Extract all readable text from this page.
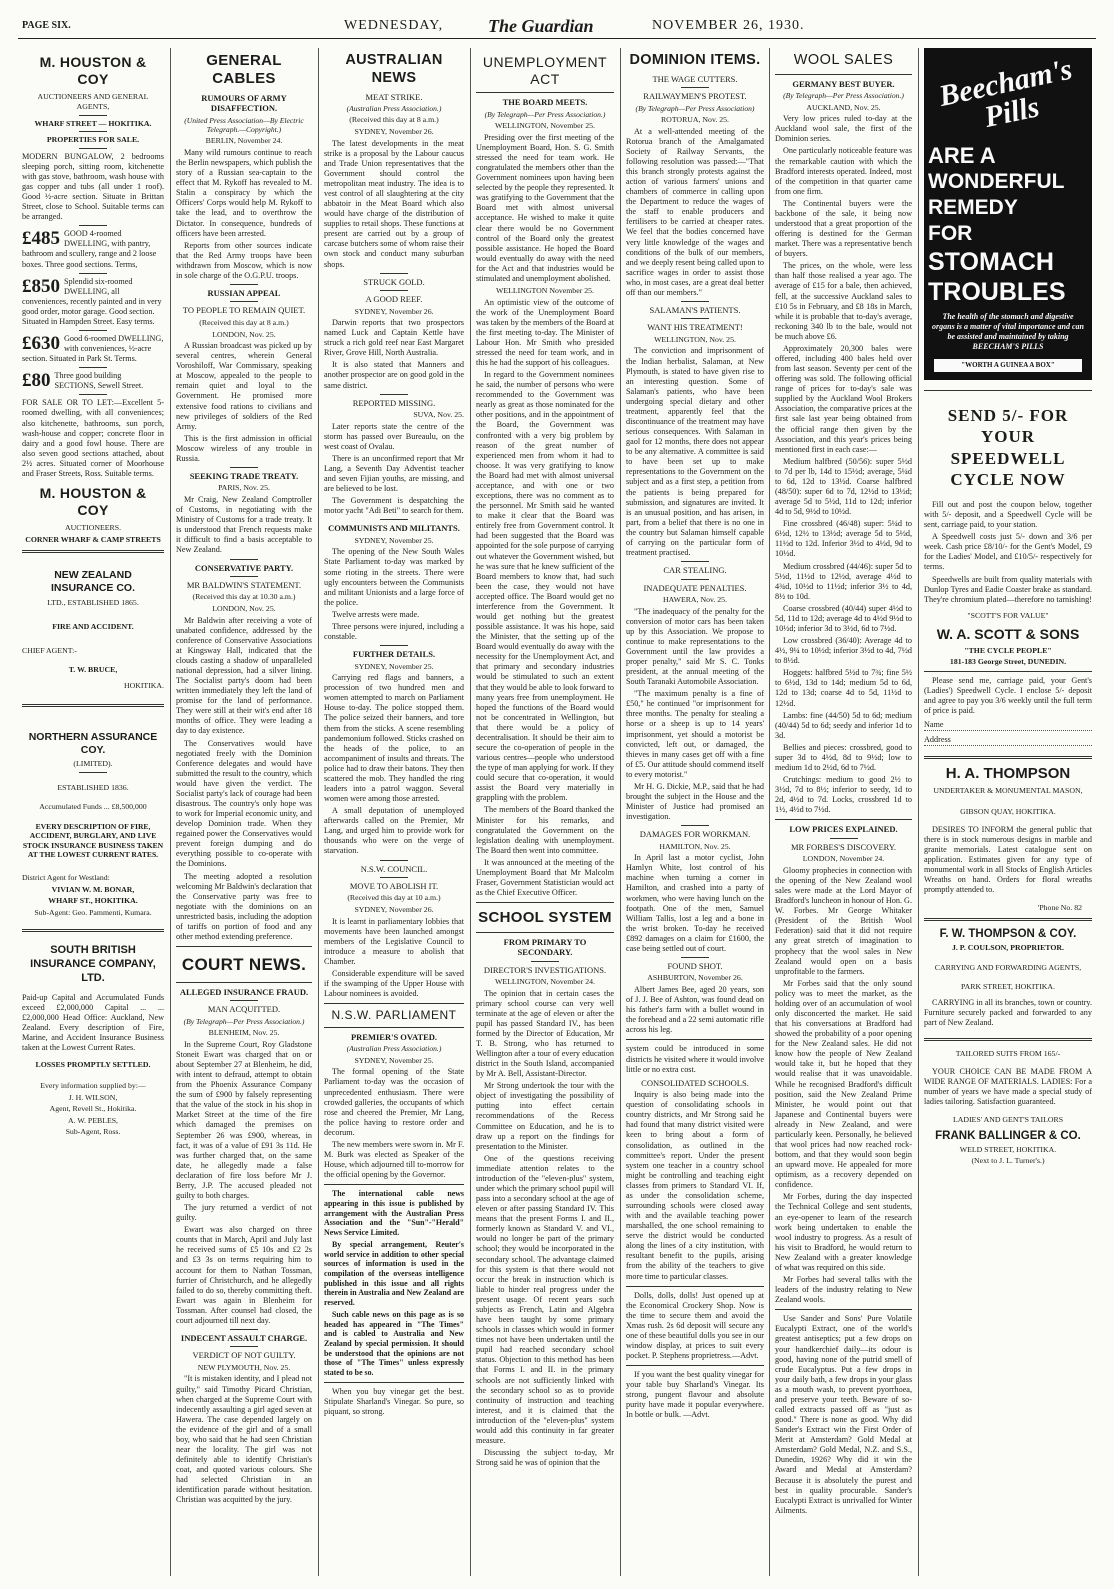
PAGE SIX.	WEDNESDAY, The Guardian	NOVEMBER 26, 1930.
M. HOUSTON & COY
AUCTIONEERS AND GENERAL AGENTS,
WHARF STREET — HOKITIKA.
PROPERTIES FOR SALE.

MODERN BUNGALOW, 2 bedrooms sleeping porch, sitting room, kitchenette with gas stove, bathroom, wash house with gas copper and tubs (all under 1 roof). Good ½-acre section. Situate in Brittan Street, close to School. Suitable terms can be arranged.

£485 GOOD 4-roomed DWELLING, with pantry, bathroom and scullery, range and 2 loose boxes. Three good sections. Terms,
£850 Splendid six-roomed DWELLING, all conveniences, recently painted and in very good order, motor garage. Good section. Situated in Hampden Street. Easy terms.
£630 Good 6-roomed DWELLING, with conveniences, ½-acre section. Situated in Park St. Terms.
£80 Three good building SECTIONS, Sewell Street.

FOR SALE OR TO LET:—Excellent 5-roomed dwelling, with all conveniences; also kitchenette, bathrooms, sun porch, wash-house and copper; concrete floor in dairy and a good fowl house. There are also seven good sections attached, about 2½ acres. Situated corner of Moorhouse and Fraser Streets, Ross. Suitable terms.

M. HOUSTON & COY
AUCTIONEERS.
CORNER WHARF & CAMP STREETS
NEW ZEALAND INSURANCE CO.
LTD., ESTABLISHED 1865.
FIRE AND ACCIDENT.
CHIEF AGENT:-
T. W. BRUCE,
HOKITIKA.
NORTHERN ASSURANCE COY.
(LIMITED).
ESTABLISHED 1836.
Accumulated Funds ... £8,500,000
EVERY DESCRIPTION OF FIRE, ACCIDENT, BURGLARY, AND LIVE STOCK INSURANCE BUSINESS TAKEN AT THE LOWEST CURRENT RATES.
District Agent for Westland:
VIVIAN W. M. BONAR,
WHARF ST., HOKITIKA.
Sub-Agent: Geo. Pammenti, Kumara.
SOUTH BRITISH INSURANCE COMPANY, LTD.

Paid-up Capital and Accumulated Funds exceed £2,000,000 Capital ... ... £2,000,000 Head Office: Auckland, New Zealand. Every description of Fire, Marine, and Accident Insurance Business taken at the Lowest Current Rates.

LOSSES PROMPTLY SETTLED.
Every information supplied by:—
J. H. WILSON,
Agent, Revell St., Hokitika.
A. W. PEBLES,
Sub-Agent, Ross.
GENERAL CABLES
RUMOURS OF ARMY DISAFFECTION.
(United Press Association—By Electric Telegraph.—Copyright.)
BERLIN, November 24.

Many wild rumours continue to reach the Berlin newspapers, which publish the story of a Russian sea-captain to the effect that M. Rykoff has revealed to M. Stalin a conspiracy by which the Officers' Corps would help M. Rykoff to take the lead, and to overthrow the Dictator. In consequence, hundreds of officers have been arrested.

Reports from other sources indicate that the Red Army troops have been withdrawn from Moscow, which is now in sole charge of the O.G.P.U. troops.

RUSSIAN APPEAL
TO PEOPLE TO REMAIN QUIET.
(Received this day at 8 a.m.)
LONDON, Nov. 25.

A Russian broadcast was picked up by several centres, wherein General Voroshiloff, War Commissary, speaking at Moscow, appealed to the people to remain quiet and loyal to the Government. He promised more extensive food rations to civilians and new privileges of soldiers of the Red Army.

This is the first admission in official Moscow wireless of any trouble in Russia.

SEEKING TRADE TREATY.
PARIS, Nov. 25.

Mr Craig, New Zealand Comptroller of Customs, in negotiating with the Ministry of Customs for a trade treaty. It is understood that French requests make it difficult to find a basis acceptable to New Zealand.

CONSERVATIVE PARTY.
MR BALDWIN'S STATEMENT.
(Received this day at 10.30 a.m.)
LONDON, Nov. 25.

Mr Baldwin after receiving a vote of unabated confidence, addressed by the conference of Conservative Associations at Kingsway Hall, indicated that the clouds casting a shadow of unparalleled national depression, had a silver lining. The Socialist party's doom had been written immediately they left the land of promise for the land of performance. They were still at their wit's end after 18 months of office. They were leading a day to day existence.

The Conservatives would have negotiated freely with the Dominion Conference delegates and would have submitted the result to the country, which would have given the verdict. The Socialist party's lack of courage had been disastrous. The country's only hope was to work for Imperial economic unity, and develop Dominion trade. When they regained power the Conservatives would prevent foreign dumping and do everything possible to co-operate with the Dominions.

The meeting adopted a resolution welcoming Mr Baldwin's declaration that the Conservative party was free to negotiate with the dominions on an unrestricted basis, including the adoption of tariffs on portion of food and any other method extending preference.

COURT NEWS.
ALLEGED INSURANCE FRAUD.
MAN ACQUITTED.
(By Telegraph—Per Press Association.)
BLENHEIM, Nov. 25.

In the Supreme Court, Roy Gladstone Stoneit Ewart was charged that on or about September 27 at Blenheim, he did, with intent to defraud, attempt to obtain from the Phoenix Assurance Company the sum of £900 by falsely representing that the value of the stock in his shop in Market Street at the time of the fire which damaged the premises on September 26 was £900, whereas, in fact, it was of a value of £91 3s 11d. He was further charged that, on the same date, he allegedly made a false declaration of fire loss before Mr J. Berry, J.P. The accused pleaded not guilty to both charges.

The jury returned a verdict of not guilty.

Ewart was also charged on three counts that in March, April and July last he received sums of £5 10s and £2 2s and £3 3s on terms requiring him to account for them to Nathan Tossman, furrier of Christchurch, and he allegedly failed to do so, thereby committing theft. Ewart was again in Blenheim for Tossman. After counsel had closed, the court adjourned till next day.

INDECENT ASSAULT CHARGE.
VERDICT OF NOT GUILTY.
NEW PLYMOUTH, Nov. 25.

"It is mistaken identity, and I plead not guilty," said Timothy Picard Christian, when charged at the Supreme Court with indecently assaulting a girl aged seven at Hawera. The case depended largely on the evidence of the girl and of a small boy, who said that he had seen Christian near the locality. The girl was not definitely able to identify Christian's coat, and quoted various colours. She had selected Christian in an identification parade without hesitation. Christian was acquitted by the jury.

AUSTRALIAN NEWS
MEAT STRIKE.
(Australian Press Association.)
(Received this day at 8 a.m.)
SYDNEY, November 26.

The latest developments in the meat strike is a proposal by the Labour caucus and Trade Union representatives that the Government should control the metropolitan meat industry. The idea is to vest control of all slaughtering at the city abbatoir in the Meat Board which also would have charge of the distribution of supplies to retail shops. These functions at present are carried out by a group of carcase butchers some of whom raise their own stock and conduct many suburban shops.

STRUCK GOLD.
A GOOD REEF.
SYDNEY, November 26.

Darwin reports that two prospectors named Luck and Captain Kettle have struck a rich gold reef near East Margaret River, Grove Hill, North Australia.

It is also stated that Manners and another prospector are on good gold in the same district.

REPORTED MISSING.
SUVA, Nov. 25.

Later reports state the centre of the storm has passed over Bureaulu, on the west coast of Ovalau.

There is an unconfirmed report that Mr Lang, a Seventh Day Adventist teacher and seven Fijian youths, are missing, and are believed to be lost.

The Government is despatching the motor yacht "Adi Beti" to search for them.

COMMUNISTS AND MILITANTS.
SYDNEY, November 25.

The opening of the New South Wales State Parliament to-day was marked by some rioting in the streets. There were ugly encounters between the Communists and militant Unionists and a large force of the police.

Twelve arrests were made.

Three persons were injured, including a constable.

FURTHER DETAILS.
SYDNEY, November 25.

Carrying red flags and banners, a procession of two hundred men and women attempted to march on Parliament House to-day. The police stopped them. The police seized their banners, and tore them from the sticks. A scene resembling pandemonium followed. Sticks crashed on the heads of the police, to an accompaniment of insults and threats. The police had to draw their batons. They then scattered the mob. They handled the ring leaders into a patrol waggon. Several women were among those arrested.

A small deputation of unemployed afterwards called on the Premier, Mr Lang, and urged him to provide work for thousands who were on the verge of starvation.

N.S.W. COUNCIL.
MOVE TO ABOLISH IT.
(Received this day at 10 a.m.)
SYDNEY, November 26.

It is learnt in parliamentary lobbies that movements have been launched amongst members of the Legislative Council to introduce a measure to abolish that Chamber.

Considerable expenditure will be saved if the swamping of the Upper House with Labour nominees is avoided.

N.S.W. PARLIAMENT
PREMIER'S OVATED.
(Australian Press Association.)
SYDNEY, November 25.

The formal opening of the State Parliament to-day was the occasion of unprecedented enthusiasm. There were crowded galleries, the occupants of which rose and cheered the Premier, Mr Lang, the police having to restore order and decorum.

The new members were sworn in. Mr F. M. Burk was elected as Speaker of the House, which adjourned till to-morrow for the official opening by the Governor.

The international cable news appearing in this issue is published by arrangement with the Australian Press Association and the "Sun"-"Herald" News Service Limited.

By special arrangement, Reuter's world service in addition to other special sources of information is used in the compilation of the overseas intelligence published in this issue and all rights therein in Australia and New Zealand are reserved.

Such cable news on this page as is so headed has appeared in "The Times" and is cabled to Australia and New Zealand by special permission. It should be understood that the opinions are not those of "The Times" unless expressly stated to be so.

When you buy vinegar get the best. Stipulate Sharland's Vinegar. So pure, so piquant, so strong.

UNEMPLOYMENT ACT
THE BOARD MEETS.
(By Telegraph—Per Press Association.)
WELLINGTON, November 25.

Presiding over the first meeting of the Unemployment Board, Hon. S. G. Smith stressed the need for team work. He congratulated the members other than the Government nominees upon having been selected by the people they represented. It was gratifying to the Government that the Board met with almost universal acceptance. He wished to make it quite clear there would be no Government control of the Board only the greatest possible assistance. He hoped the Board would eventually do away with the need for the Act and that industries would be stimulated and unemployment abolished.

WELLINGTON November 25.

An optimistic view of the outcome of the work of the Unemployment Board was taken by the members of the Board at the first meeting to-day. The Minister of Labour Hon. Mr Smith who presided stressed the need for team work, and in this he had the support of his colleagues.

In regard to the Government nominees he said, the number of persons who were recommended to the Government was nearly as great as those nominated for the other positions, and in the appointment of the Board, the Government was confronted with a very big problem by reason of the great number of experienced men from whom it had to choose. It was very gratifying to know the Board had met with almost universal acceptance, and with one or two exceptions, there was no comment as to the personnel. Mr Smith said he wanted to make it clear that the Board was entirely free from Government control. It had been suggested that the Board was appointed for the sole purpose of carrying out whatever the Government wished, but he was sure that he knew sufficient of the Board members to know that, had such been the case, they would not have accepted office. The Board would get no interference from the Government. It would get nothing but the greatest possible assistance. It was his hope, said the Minister, that the setting up of the Board would eventually do away with the necessity for the Unemployment Act, and that primary and secondary industries would be stimulated to such an extent that they would be able to look forward to many years free from unemployment. He hoped the functions of the Board would not be concentrated in Wellington, but that there would be a policy of decentralisation. It should be their aim to secure the co-operation of people in the various centres—people who understood the type of man applying for work. If they could secure that co-operation, it would assist the Board very materially in grappling with the problem.

The members of the Board thanked the Minister for his remarks, and congratulated the Government on the legislation dealing with unemployment. The Board then went into committee.

It was announced at the meeting of the Unemployment Board that Mr Malcolm Fraser, Government Statistician would act as the Chief Executive Officer.

SCHOOL SYSTEM
FROM PRIMARY TO SECONDARY.
DIRECTOR'S INVESTIGATIONS.
WELLINGTON, November 24.

The opinion that in certain cases the primary school course can very well terminate at the age of eleven or after the pupil has passed Standard IV., has been formed by the Director of Education, Mr T. B. Strong, who has returned to Wellington after a tour of every education district in the South Island, accompanied by Mr A. Bell, Assistant-Director.

Mr Strong undertook the tour with the object of investigating the possibility of putting into effect certain recommendations of the Recess Committee on Education, and he is to draw up a report on the findings for presentation to the Minister.

One of the questions receiving immediate attention relates to the introduction of the "eleven-plus" system, under which the primary school pupil will pass into a secondary school at the age of eleven or after passing Standard IV. This means that the present Forms I. and II., formerly known as Standard V. and VI., would no longer be part of the primary school; they would be incorporated in the secondary school. The advantage claimed for this system is that there would not occur the break in instruction which is liable to hinder real progress under the present usage. Of recent years such subjects as French, Latin and Algebra have been taught by some primary schools in classes which would in former times not have been undertaken until the pupil had reached secondary school status. Objection to this method has been that Forms I. and II. in the primary schools are not sufficiently linked with the secondary school so as to provide continuity of instruction and teaching interest, and it is claimed that the introduction of the "eleven-plus" system would add this continuity in far greater measure.

Discussing the subject to-day, Mr Strong said he was of opinion that the

DOMINION ITEMS.
THE WAGE CUTTERS.
RAILWAYMEN'S PROTEST.
(By Telegraph—Per Press Association)
ROTORUA, Nov. 25.

At a well-attended meeting of the Rotorua branch of the Amalgamated Society of Railway Servants, the following resolution was passed:—"That this branch strongly protests against the action of various farmers' unions and chambers of commerce in calling upon the Department to reduce the wages of the staff to enable producers and fertilisers to be carried at cheaper rates. We feel that the bodies concerned have very little knowledge of the wages and conditions of the bulk of our members, and we deeply resent being called upon to sacrifice wages in order to assist those who, in most cases, are a great deal better off than our members."

SALAMAN'S PATIENTS.
WANT HIS TREATMENT!
WELLINGTON, Nov. 25.

The conviction and imprisonment of the Indian herbalist, Salaman, at New Plymouth, is stated to have given rise to an interesting question. Some of Salaman's patients, who have been undergoing special dietary and other treatment, apparently feel that the discontinuance of the treatment may have serious consequences. With Salaman in gaol for 12 months, there does not appear to be any alternative. A committee is said to have been set up to make representations to the Government on the subject and as a first step, a petition from the patients is being prepared for submission, and signatures are invited. It is an unusual position, and has arisen, in part, from a belief that there is no one in the country but Salaman himself capable of carrying on the particular form of treatment practised.

CAR STEALING.
INADEQUATE PENALTIES.
HAWERA, Nov. 25.

"The inadequacy of the penalty for the conversion of motor cars has been taken up by this Association. We propose to continue to make representations to the Government until the law provides a proper penalty," said Mr S. C. Tonks president, at the annual meeting of the South Taranaki Automobile Association.

"The maximum penalty is a fine of £50," he continued "or imprisonment for three months. The penalty for stealing a horse or a sheep is up to 14 years' imprisonment, yet should a motorist be convicted, left out, or damaged, the thieves in many cases get off with a fine of £5. Our attitude should commend itself to every motorist."

Mr H. G. Dickie, M.P., said that he had brought the subject in the House and the Minister of Justice had promised an investigation.

DAMAGES FOR WORKMAN.
HAMILTON, Nov. 25.

In April last a motor cyclist, John Hamlyn White, lost control of his machine when turning a corner in Hamilton, and crashed into a party of workmen, who were having lunch on the footpath. One of the men, Samuel William Tallis, lost a leg and a bone in the wrist broken. To-day he received £892 damages on a claim for £1600, the case being settled out of court.

FOUND SHOT.
ASHBURTON, November 26.

Albert James Bee, aged 20 years, son of J. J. Bee of Ashton, was found dead on his father's farm with a bullet wound in the forehead and a 22 semi automatic rifle across his leg.

system could be introduced in some districts he visited where it would involve little or no extra cost.

CONSOLIDATED SCHOOLS.

Inquiry is also being made into the question of consolidating schools in country districts, and Mr Strong said he had found that many district visited were keen to bring about a form of consolidation, as outlined in the committee's report. Under the present system one teacher in a country school might be controlling and teaching eight classes from primers to Standard VI. If, as under the consolidation scheme, surrounding schools were closed away with and the available teaching power marshalled, the one school remaining to serve the district would be conducted along the lines of a city institution, with resultant benefit to the pupils, arising from the ability of the teachers to give more time to particular classes.

Dolls, dolls, dolls! Just opened up at the Economical Crockery Shop. Now is the time to secure them and avoid the Xmas rush. 2s 6d deposit will secure any one of these beautiful dolls you see in our window display, at prices to suit every pocket. P. Stephens proprietress.—Advt.

If you want the best quality vinegar for your table buy Sharland's Vinegar. Its strong, pungent flavour and absolute purity have made it popular everywhere. In bottle or bulk. —Advt.

WOOL SALES
GERMANY BEST BUYER.
(By Telegraph—Per Press Association.)
AUCKLAND, Nov. 25.

Very low prices ruled to-day at the Auckland wool sale, the first of the Dominion series.

One particularly noticeable feature was the remarkable caution with which the Bradford interests operated. Indeed, most of the competition in that quarter came from one firm.

The Continental buyers were the backbone of the sale, it being now understood that a great proportion of the offering is destined for the German market. There was a representative bench of buyers.

The prices, on the whole, were less than half those realised a year ago. The average of £15 for a bale, then achieved, fell, at the successive Auckland sales to £10 5s in February, and £8 18s in March, while it is probable that to-day's average, reckoning 340 lb to the bale, would not be much above £6.

Approximately 20,300 bales were offered, including 400 bales held over from last season. Seventy per cent of the offering was sold. The following official range of prices for to-day's sale was supplied by the Auckland Wool Brokers Association, the comparative prices at the first sale last year being obtained from the official range then given by the Association, and this year's prices being mentioned first in each case:—

Medium halfbred (50/56): super 5½d to 7d per lb, 14d to 15½d; average, 5¼d to 6d, 12d to 13½d. Coarse halfbred (48/50): super 6d to 7d, 12½d to 13½d; average 5d to 5½d, 11d to 12d; inferior 4d to 5d, 9½d to 10½d.

Fine crossbred (46/48) super: 5¼d to 6½d, 12½ to 13½d; average 5d to 5½d, 11½d to 12d. Inferior 3½d to 4½d, 9d to 10½d.

Medium crossbred (44/46): super 5d to 5½d, 11½d to 12½d, average 4½d to 4¾d, 10½d to 11½d; inferior 3½ to 4d, 8½ to 10d.

Coarse crossbred (40/44) super 4½d to 5d, 11d to 12d; average 4d to 4½d 9½d to 10½d; inferior 3d to 3½d, 6d to 7½d.

Low crossbred (36/40): Average 4d to 4½, 9¼ to 10½d; inferior 3½d to 4d, 7½d to 8½d.

Hoggets: halfbred 5½d to 7¾; fine 5½ to 6½d, 13d to 14d; medium 5d to 6d, 12d to 13d; coarse 4d to 5d, 11½d to 12½d.

Lambs: fine (44/50) 5d to 6d; medium (40/44) 5d to 6d; seedy and inferior 1d to 3d.

Bellies and pieces: crossbred, good to super 3d to 4½d, 8d to 9½d; low to medium 1d to 2½d, 6d to 7½d.

Crutchings: medium to good 2½ to 3½d, 7d to 8½; inferior to seedy, 1d to 2d, 4½d to 7d. Locks, crossbred 1d to 1½, 4½d to 7½d.

LOW PRICES EXPLAINED.
MR FORBES'S DISCOVERY.
LONDON, November 24.

Gloomy prophecies in connection with the opening of the New Zealand wool sales were made at the Lord Mayor of Bradford's luncheon in honour of Hon. G. W. Forbes. Mr George Whitaker (President of the British Wool Federation) said that it did not require any great stretch of imagination to prophecy that the wool sales in New Zealand would open on a basis unprofitable to the farmers.

Mr Forbes said that the only sound policy was to meet the market, as the holding over of an accumulation of wool only disconcerted the market. He said that his conversations at Bradford had showed the probability of a poor opening for the New Zealand sales. He did not know how the people of New Zealand would take it, but he hoped that they would realise that it was unavoidable. While he recognised Bradford's difficult position, said the New Zealand Prime Minister, he would point out that Japanese and Continental buyers were already in New Zealand, and were particularly keen. Personally, he believed that wool prices had now reached rock-bottom, and that they would soon begin an upward move. He appealed for more optimism, as a recovery depended on confidence.

Mr Forbes, during the day inspected the Technical College and sent students, an eye-opener to learn of the research work being undertaken to enable the wool industry to progress. As a result of his visit to Bradford, he would return to New Zealand with a greater knowledge of what was required on this side.

Mr Forbes had several talks with the leaders of the industry relating to New Zealand wools.

Use Sander and Sons' Pure Volatile Eucalypti Extract, one of the world's greatest antiseptics; put a few drops on your handkerchief daily—its odour is good, having none of the putrid smell of crude Eucalyptus. Put a few drops in your daily bath, a few drops in your glass as a mouth wash, to prevent pyorrhoea, and preserve your teeth. Beware of so-called extracts passed off as "just as good." There is none as good. Why did Sander's Extract win the First Order of Merit at Amsterdam? Gold Medal at Amsterdam? Gold Medal, N.Z. and S.S., Dunedin, 1926? Why did it win the Award and Medal at Amsterdam? Because it is absolutely the purest and best in quality procurable. Sander's Eucalypti Extract is unrivalled for Winter Ailments.

Beecham's Pills
ARE A
WONDERFUL
REMEDY
FOR
STOMACH
TROUBLES
The health of the stomach and digestive organs is a matter of vital importance and can be assisted and maintained by taking BEECHAM'S PILLS
"WORTH A GUINEA A BOX"
SEND 5/- FOR YOUR SPEEDWELL CYCLE NOW

Fill out and post the coupon below, together with 5/- deposit, and a Speedwell Cycle will be sent, carriage paid, to your station.

A Speedwell costs just 5/- down and 3/6 per week. Cash price £8/10/- for the Gent's Model, £9 for the Ladies' Model, and £10/5/- respectively for terms.

Speedwells are built from quality materials with Dunlop Tyres and Eadie Coaster brake as standard. They're chromium plated—therefore no tarnishing!

"SCOTT'S FOR VALUE"
W. A. SCOTT & SONS
"THE CYCLE PEOPLE"
181-183 George Street, DUNEDIN.

Please send me, carriage paid, your Gent's (Ladies') Speedwell Cycle. I enclose 5/- deposit and agree to pay you 3/6 weekly until the full term of price is paid.

Name
Address
H. A. THOMPSON
UNDERTAKER & MONUMENTAL MASON,
GIBSON QUAY, HOKITIKA.

DESIRES TO INFORM the general public that there is in stock numerous designs in marble and granite memorials. Latest catalogue sent on application. Estimates given for any type of monumental work in all Stocks of English Articles Wreaths on hand. Orders for floral wreaths promptly attended to.

'Phone No. 82
F. W. THOMPSON & COY.
J. P. COULSON, PROPRIETOR.
CARRYING AND FORWARDING AGENTS,
PARK STREET, HOKITIKA.

CARRYING in all its branches, town or country. Furniture securely packed and forwarded to any part of New Zealand.

TAILORED SUITS FROM 165/-

YOUR CHOICE CAN BE MADE FROM A WIDE RANGE OF MATERIALS. LADIES: For a number of years we have made a special study of ladies tailoring. Satisfaction guaranteed.

LADIES' AND GENT'S TAILORS
FRANK BALLINGER & CO.
WELD STREET, HOKITIKA.
(Next to J. L. Turner's.)
